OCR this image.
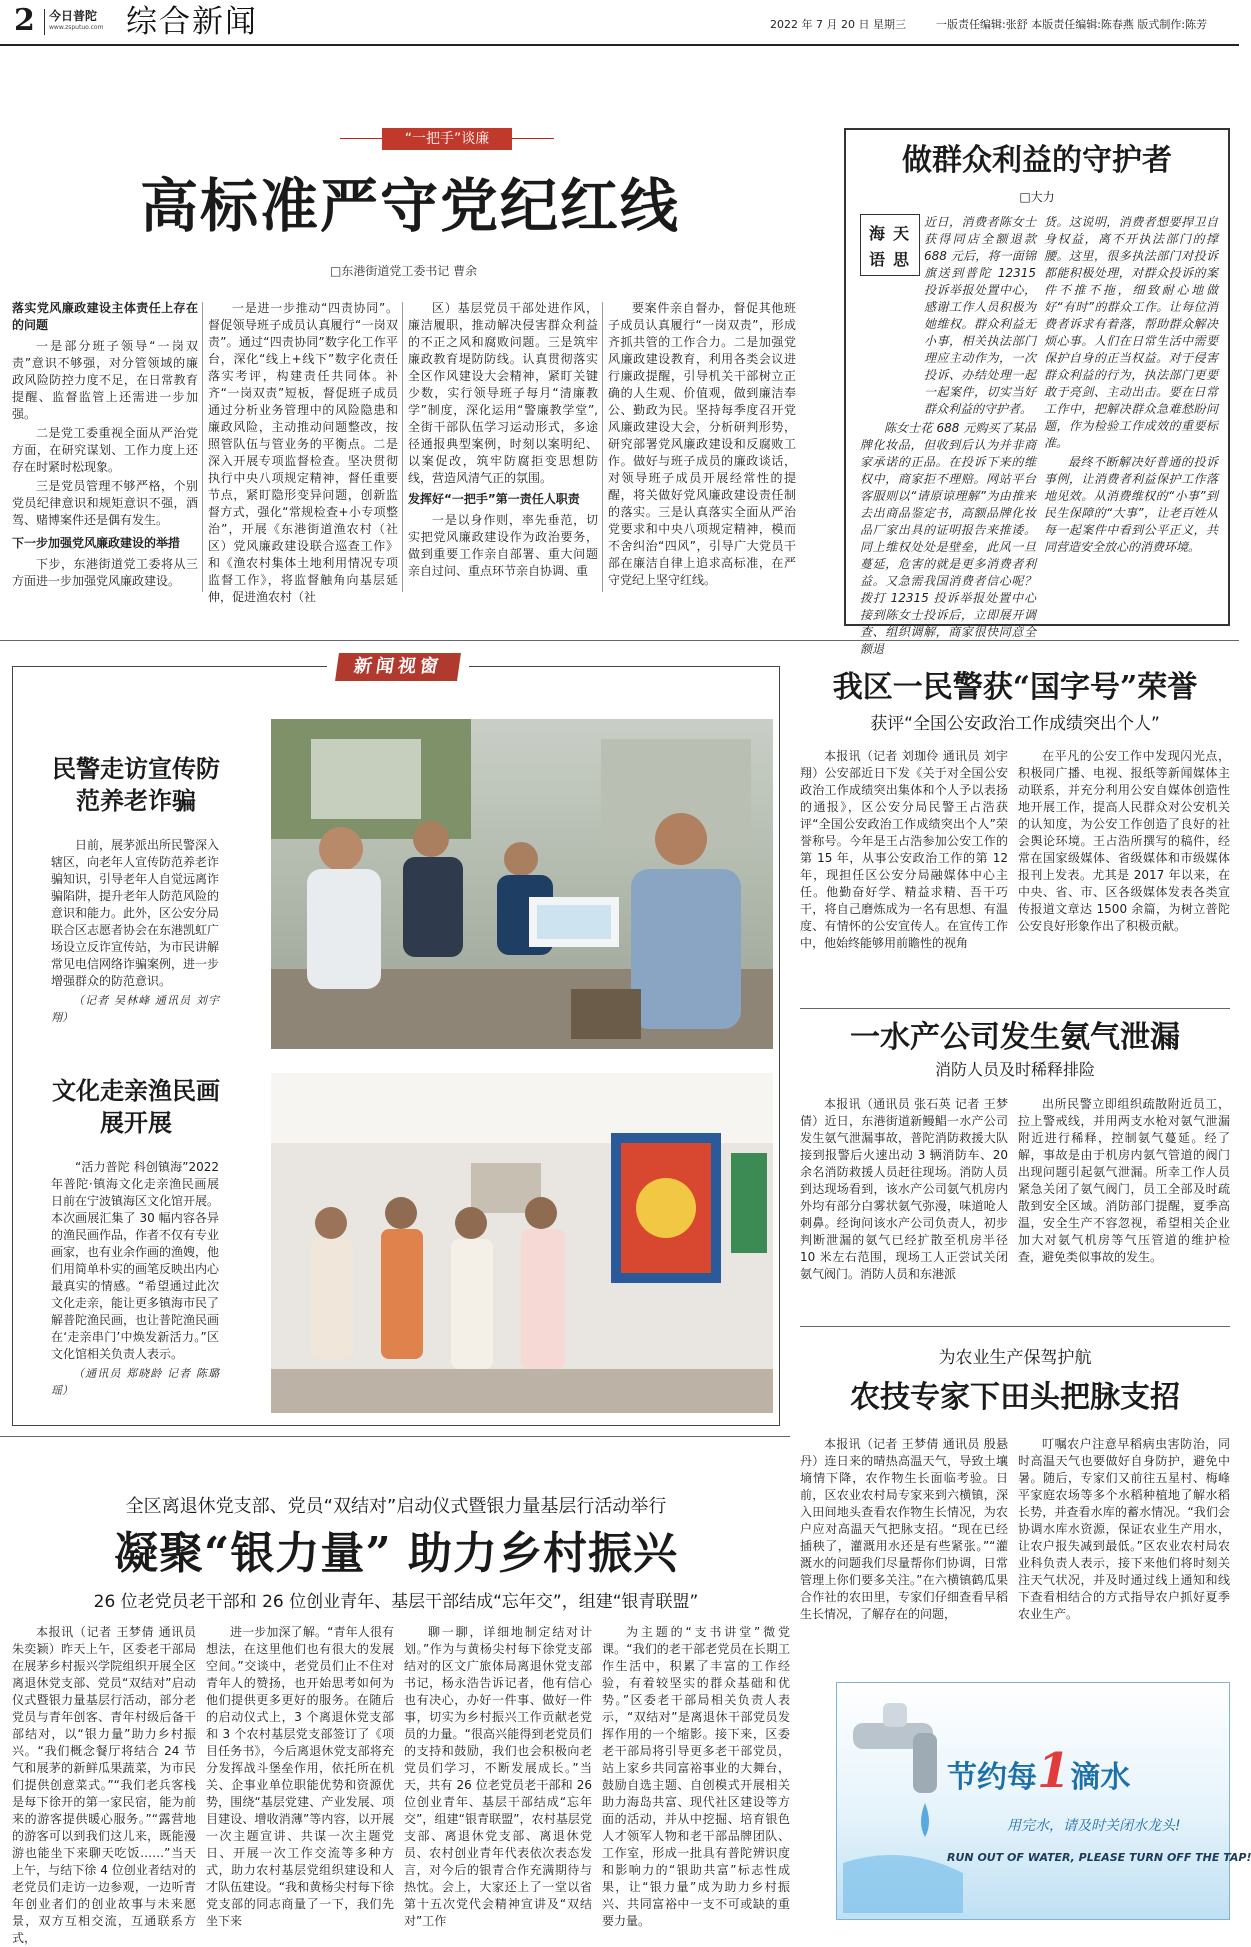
2 今日普陀
www.zsputuo.com 综合新闻	2022 年 7 月 20 日 星期三	一版责任编辑:张舒 本版责任编辑:陈春燕 版式制作:陈芳
“一把手”谈廉
高标准严守党纪红线
□东港街道党工委书记 曹余
落实党风廉政建设主体责任上存在的问题

一是部分班子领导“一岗双责”意识不够强，对分管领域的廉政风险防控力度不足，在日常教育提醒、监督监管上还需进一步加强。

二是党工委重视全面从严治党方面，在研究谋划、工作力度上还存在时紧时松现象。

三是党员管理不够严格，个别党员纪律意识和规矩意识不强，酒驾、赌博案件还是偶有发生。

下一步加强党风廉政建设的举措

下步，东港街道党工委将从三方面进一步加强党风廉政建设。

一是进一步推动“四责协同”。督促领导班子成员认真履行“一岗双责”。通过“四责协同”数字化工作平台，深化“线上+线下”数字化责任落实考评，构建责任共同体。补齐“一岗双责”短板，督促班子成员通过分析业务管理中的风险隐患和廉政风险，主动推动问题整改，按照管队伍与管业务的平衡点。二是深入开展专项监督检查。坚决贯彻执行中央八项规定精神，督任重要节点，紧盯隐形变异问题，创新监督方式，强化“常规检查+小专项整治”，开展《东港街道渔农村（社区）党风廉政建设联合巡查工作》和《渔农村集体土地利用情况专项监督工作》，将监督触角向基层延伸，促进渔农村（社

区）基层党员干部处进作风，廉洁履职，推动解决侵害群众利益的不正之风和腐败问题。三是筑牢廉政教育堤防防线。认真贯彻落实全区作风建设大会精神，紧盯关键少数，实行领导班子每月“清廉教学”制度，深化运用“警廉教学堂”,全街干部队伍学习运动形式，多途径通报典型案例，时刻以案明纪、以案促改，筑牢防腐拒变思想防线，营造风清气正的氛围。

发挥好“一把手”第一责任人职责

一是以身作则，率先垂范，切实把党风廉政建设作为政治要务，做到重要工作亲自部署、重大问题亲自过问、重点环节亲自协调、重

要案件亲自督办，督促其他班子成员认真履行“一岗双责”，形成齐抓共管的工作合力。二是加强党风廉政建设教育，利用各类会议进行廉政提醒，引导机关干部树立正确的人生观、价值观，做到廉洁奉公、勤政为民。坚持每季度召开党风廉政建设大会，分析研判形势，研究部署党风廉政建设和反腐败工作。做好与班子成员的廉政谈话，对领导班子成员开展经常性的提醒，将关做好党风廉政建设责任制的落实。三是认真落实全面从严治党要求和中央八项规定精神，模而不舍纠治“四风”，引导广大党员干部在廉洁自律上追求高标准，在严守党纪上坚守红线。

做群众利益的守护者
□大力
天
海
思
语

近日，消费者陈女士获得同店全额退款 688 元后，将一面锦旗送到普陀 12315 投诉举报处置中心，感谢工作人员积极为她维权。群众利益无小事，相关执法部门理应主动作为，一次投诉、办结处理一起一起案件，切实当好群众利益的守护者。

陈女士花 688 元购买了某品牌化妆品，但收到后认为并非商家承诺的正品。在投诉下来的维权中，商家拒不理赔。网站平台客服则以“请原谅理解”为由推来去出商品鉴定书，高额品牌化妆品厂家出具的证明报告来推诿。同上维权处处是壁垒，此风一旦蔓延，危害的就是更多消费者利益。又急需我国消费者信心呢？拨打 12315 投诉举报处置中心接到陈女士投诉后，立即展开调查、组织调解，商家很快同意全额退

货。这说明，消费者想要捍卫自身权益，离不开执法部门的撑腰。这里，很多执法部门对投诉都能积极处理，对群众投诉的案件不推不拖，细致耐心地做好“有时”的群众工作。让每位消费者诉求有着落，帮助群众解决烦心事。人们在日常生活中需要保护自身的正当权益。对于侵害群众利益的行为，执法部门更要敢于亮剑、主动出击。要在日常工作中，把解决群众急难愁盼问题，作为检验工作成效的重要标准。

最终不断解决好普通的投诉事例，让消费者利益保护工作落地见效。从消费维权的“小事”到民生保障的“大事”，让老百姓从每一起案件中看到公平正义，共同营造安全放心的消费环境。

新闻视窗
民警走访宣传防范养老诈骗

日前，展茅派出所民警深入辖区，向老年人宣传防范养老诈骗知识，引导老年人自觉远离诈骗陷阱，提升老年人防范风险的意识和能力。此外，区公安分局联合区志愿者协会在东港凯虹广场设立反诈宣传站，为市民讲解常见电信网络诈骗案例，进一步增强群众的防范意识。

（记者 吴林峰 通讯员 刘宇翔）

文化走亲渔民画展开展

“活力普陀 科创镇海”2022 年普陀·镇海文化走亲渔民画展日前在宁波镇海区文化馆开展。本次画展汇集了 30 幅内容各异的渔民画作品，作者不仅有专业画家，也有业余作画的渔嫂，他们用简单朴实的画笔反映出内心最真实的情感。“希望通过此次文化走亲，能让更多镇海市民了解普陀渔民画，也让普陀渔民画在‘走亲串门’中焕发新活力。”区文化馆相关负责人表示。

（通讯员 郑晓龄 记者 陈璐瑶）

我区一民警获“国字号”荣誉
获评“全国公安政治工作成绩突出个人”

本报讯（记者 刘珈伶 通讯员 刘宇翔）公安部近日下发《关于对全国公安政治工作成绩突出集体和个人予以表扬的通报》，区公安分局民警王占浩获评“全国公安政治工作成绩突出个人”荣誉称号。今年是王占浩参加公安工作的第 15 年，从事公安政治工作的第 12 年，现担任区公安分局融媒体中心主任。他勤奋好学、精益求精、吾干巧干，将自己磨炼成为一名有思想、有温度、有情怀的公安宣传人。在宣传工作中，他始终能够用前瞻性的视角

在平凡的公安工作中发现闪光点，积极同广播、电视、报纸等新闻媒体主动联系，并充分利用公安自媒体创造性地开展工作，提高人民群众对公安机关的认知度，为公安工作创造了良好的社会舆论环境。王占浩所撰写的稿件，经常在国家级媒体、省级媒体和市级媒体报刊上发表。尤其是 2017 年以来，在中央、省、市、区各级媒体发表各类宣传报道文章达 1500 余篇，为树立普陀公安良好形象作出了积极贡献。

一水产公司发生氨气泄漏
消防人员及时稀释排险

本报讯（通讯员 张石英 记者 王梦倩）近日，东港街道新鳗鲳一水产公司发生氨气泄漏事故，普陀消防救援大队接到报警后火速出动 3 辆消防车、20 余名消防救援人员赶往现场。消防人员到达现场看到，该水产公司氨气机房内外均有部分白雾状氨气弥漫，味道呛人刺鼻。经询问该水产公司负责人，初步判断泄漏的氨气已经扩散至机房半径 10 米左右范围，现场工人正尝试关闭氨气阀门。消防人员和东港派

出所民警立即组织疏散附近员工，拉上警戒线，并用两支水枪对氨气泄漏附近进行稀释，控制氨气蔓延。经了解，事故是由于机房内氨气管道的阀门出现问题引起氨气泄漏。所幸工作人员紧急关闭了氨气阀门，员工全部及时疏散到安全区域。消防部门提醒，夏季高温，安全生产不容忽视，希望相关企业加大对氨气机房等气压管道的维护检查，避免类似事故的发生。

为农业生产保驾护航
农技专家下田头把脉支招

本报讯（记者 王梦倩 通讯员 殷悬丹）连日来的晴热高温天气，导致土壤墒情下降，农作物生长面临考验。日前，区农业农村局专家来到六横镇，深入田间地头查看农作物生长情况，为农户应对高温天气把脉支招。“现在已经插秧了，灌溉用水还是有些紧张。”“灌溉水的问题我们尽量帮你们协调，日常管理上你们要多关注。”在六横镇鹤瓜果合作社的农田里，专家们仔细查看早稻生长情况，了解存在的问题，

叮嘱农户注意早稻病虫害防治，同时高温天气也要做好自身防护，避免中暑。随后，专家们又前往五星村、梅峰平家庭农场等多个水稻种植地了解水稻长势，并查看水库的蓄水情况。“我们会协调水库水资源，保证农业生产用水，让农户报失减到最低。”区农业农村局农业科负责人表示，接下来他们将时刻关注天气状况，并及时通过线上通知和线下查看相结合的方式指导农户抓好夏季农业生产。

节约每1滴水
用完水，请及时关闭水龙头!
RUN OUT OF WATER, PLEASE TURN OFF THE TAP!
全区离退休党支部、党员“双结对”启动仪式暨银力量基层行活动举行
凝聚“银力量” 助力乡村振兴
26 位老党员老干部和 26 位创业青年、基层干部结成“忘年交”，组建“银青联盟”

本报讯（记者 王梦倩 通讯员 朱奕颖）昨天上午，区委老干部局在展茅乡村振兴学院组织开展全区离退休党支部、党员“双结对”启动仪式暨银力量基层行活动，部分老党员与青年创客、青年村级后备干部结对，以“银力量”助力乡村振兴。“我们概念餐厅将结合 24 节气和展茅的新鲜瓜果蔬菜，为市民们提供创意菜式。”“我们老兵客栈是每下徐开的第一家民宿，能为前来的游客提供暖心服务。”“露营地的游客可以到我们这儿来，既能漫游也能坐下来聊天吃饭……”当天上午，与结下徐 4 位创业者结对的老党员们走访一边参观，一边听青年创业者们的创业故事与未来愿景，双方互相交流，互通联系方式，

进一步加深了解。“青年人很有想法，在这里他们也有很大的发展空间。”交谈中，老党员们止不住对青年人的赞扬，也开始思考如何为他们提供更多更好的服务。在随后的启动仪式上，3 个离退休党支部和 3 个农村基层党支部签订了《项目任务书》，今后离退休党支部将充分发挥战斗堡垒作用，依托所在机关、企事业单位职能优势和资源优势，围绕“基层党建、产业发展、项目建设、增收消薄”等内容，以开展一次主题宣讲、共谋一次主题党日、开展一次工作交流等多种方式，助力农村基层党组织建设和人才队伍建设。“我和黄杨尖村每下徐党支部的同志商量了一下，我们先坐下来

聊一聊，详细地制定结对计划。”作为与黄杨尖村每下徐党支部结对的区文广旅体局离退休党支部书记，杨永浩告诉记者，他有信心也有决心，办好一件事、做好一件事，切实为乡村振兴工作贡献老党员的力量。“很高兴能得到老党员们的支持和鼓励，我们也会积极向老党员们学习，不断发展成长。”当天，共有 26 位老党员老干部和 26 位创业青年、基层干部结成“忘年交”，组建“银青联盟”，农村基层党支部、离退休党支部、离退休党员、农村创业青年代表依次表态发言，对今后的银青合作充满期待与热忱。会上，大家还上了一堂以省第十五次党代会精神宣讲及“双结对”工作

为主题的“支书讲堂”微党课。“我们的老干部老党员在长期工作生活中，积累了丰富的工作经验，有着较坚实的群众基础和优势。”区委老干部局相关负责人表示，“双结对”是离退休干部党员发挥作用的一个缩影。接下来，区委老干部局将引导更多老干部党员，站上家乡共同富裕事业的大舞台，鼓励自选主题、自创模式开展相关助力海岛共富、现代社区建设等方面的活动，并从中挖掘、培育银色人才领军人物和老干部品牌团队、工作室，形成一批具有普陀辨识度和影响力的“银助共富”标志性成果，让“银力量”成为助力乡村振兴、共同富裕中一支不可或缺的重要力量。
